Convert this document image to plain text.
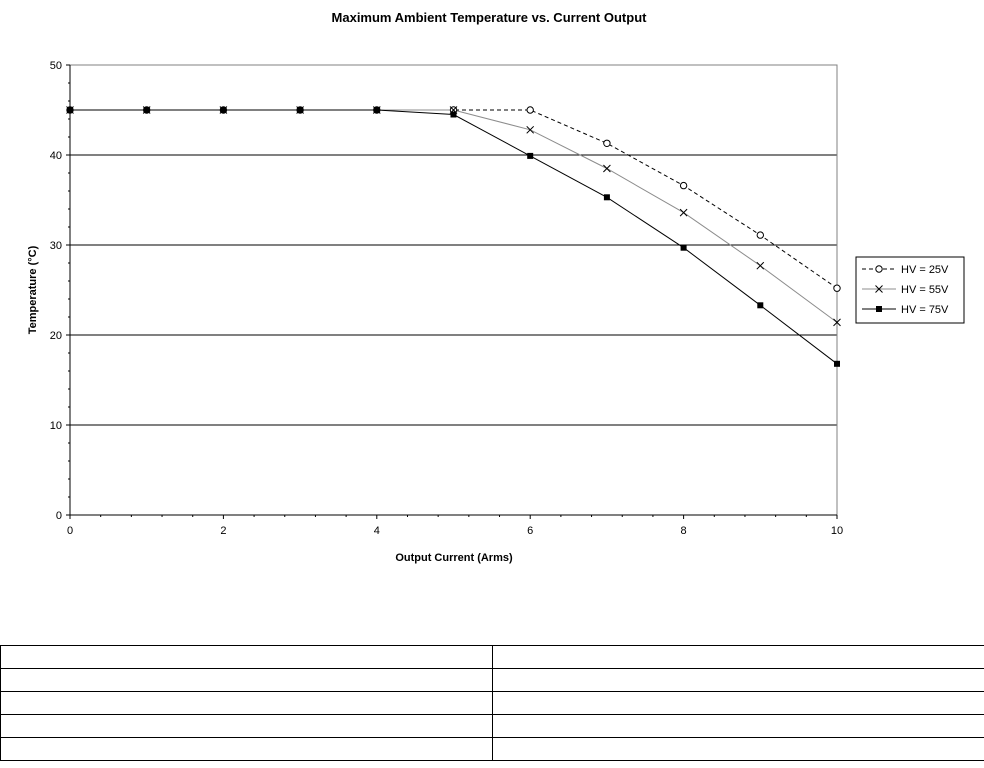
Maximum Ambient Temperature vs. Current Output
0
10
20
30
40
50
0	2	4	6	8	10
Output Current (Arms)
Temperature (°C)	HV = 25V
HV = 55V
HV = 75V
